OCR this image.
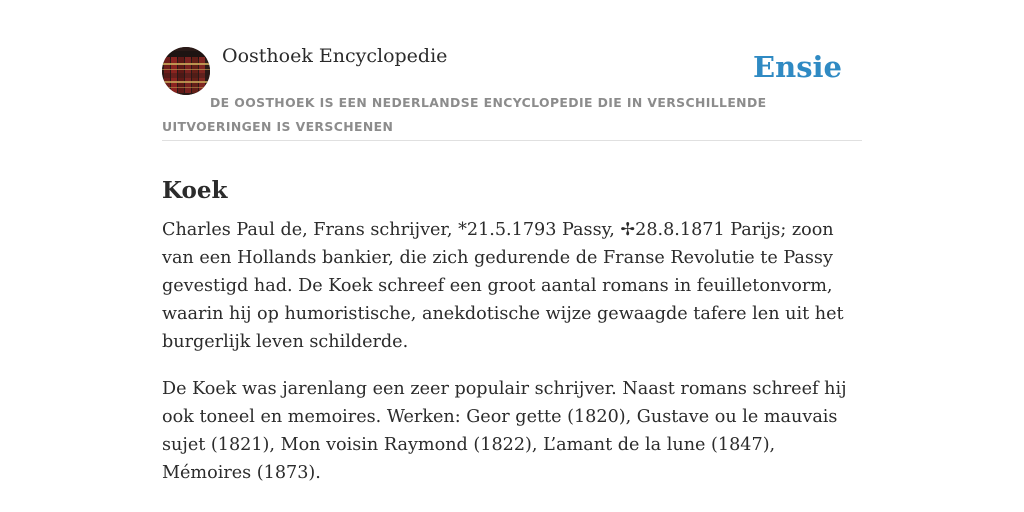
Oosthoek Encyclopedie	Ensie
DE OOSTHOEK IS EEN NEDERLANDSE ENCYCLOPEDIE DIE IN VERSCHILLENDE UITVOERINGEN IS VERSCHENEN
Koek

Charles Paul de, Frans schrijver, *21.5.1793 Passy, ✢28.8.1871 Parijs; zoon van een Hollands bankier, die zich gedurende de Franse Revolutie te Passy gevestigd had. De Koek schreef een groot aantal romans in feuilletonvorm, waarin hij op humoristische, anekdotische wijze gewaagde tafere len uit het burgerlijk leven schilderde.

De Koek was jarenlang een zeer populair schrijver. Naast romans schreef hij ook toneel en memoires. Werken: Geor gette (1820), Gustave ou le mauvais sujet (1821), Mon voisin Raymond (1822), L’amant de la lune (1847), Mémoires (1873).
